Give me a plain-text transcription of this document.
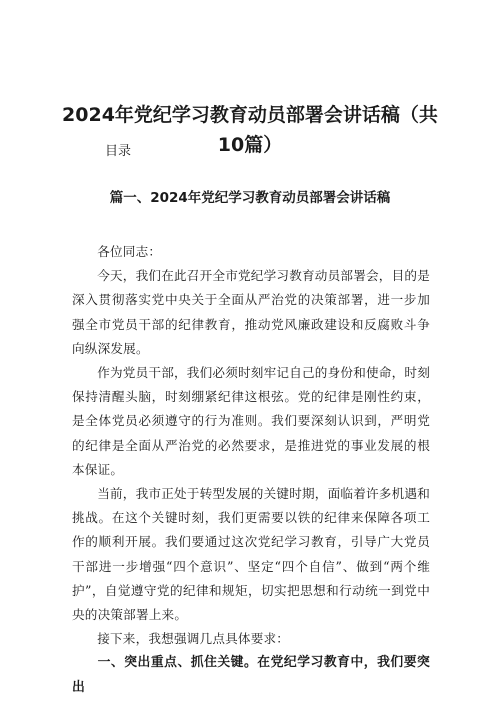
2024年党纪学习教育动员部署会讲话稿（共10篇）

目录

篇一、2024年党纪学习教育动员部署会讲话稿

各位同志：

今天，我们在此召开全市党纪学习教育动员部署会，目的是深入贯彻落实党中央关于全面从严治党的决策部署，进一步加强全市党员干部的纪律教育，推动党风廉政建设和反腐败斗争向纵深发展。

作为党员干部，我们必须时刻牢记自己的身份和使命，时刻保持清醒头脑，时刻绷紧纪律这根弦。党的纪律是刚性约束，是全体党员必须遵守的行为准则。我们要深刻认识到，严明党的纪律是全面从严治党的必然要求，是推进党的事业发展的根本保证。

当前，我市正处于转型发展的关键时期，面临着许多机遇和挑战。在这个关键时刻，我们更需要以铁的纪律来保障各项工作的顺利开展。我们要通过这次党纪学习教育，引导广大党员干部进一步增强“四个意识”、坚定“四个自信”、做到“两个维护”，自觉遵守党的纪律和规矩，切实把思想和行动统一到党中央的决策部署上来。

接下来，我想强调几点具体要求：

一、突出重点、抓住关键。在党纪学习教育中，我们要突出
